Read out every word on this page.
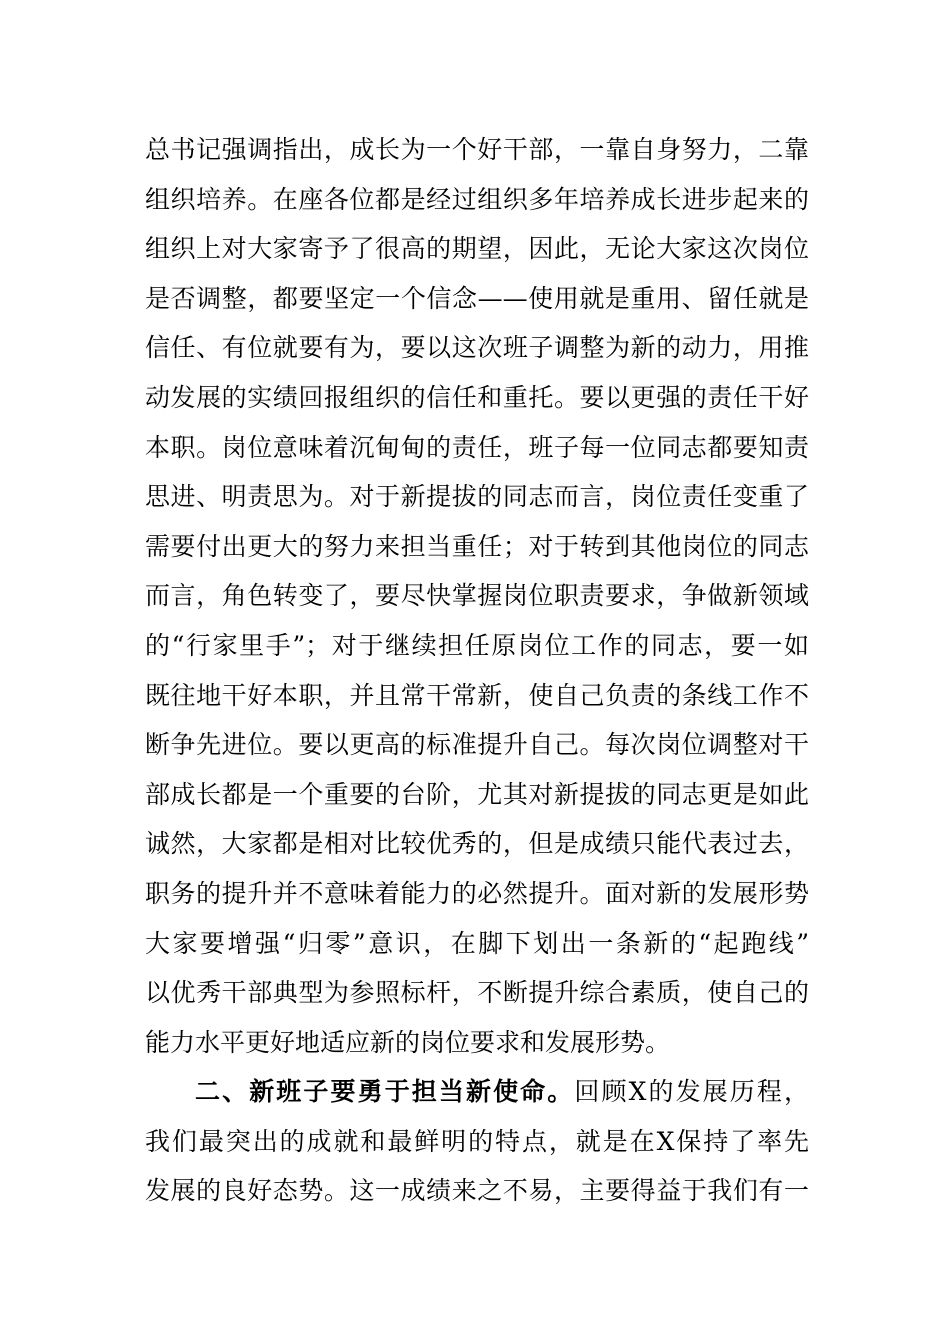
总书记强调指出，成长为一个好干部，一靠自身努力，二靠
组织培养。在座各位都是经过组织多年培养成长进步起来的
组织上对大家寄予了很高的期望，因此，无论大家这次岗位
是否调整，都要坚定一个信念——使用就是重用、留任就是
信任、有位就要有为，要以这次班子调整为新的动力，用推
动发展的实绩回报组织的信任和重托。要以更强的责任干好
本职。岗位意味着沉甸甸的责任，班子每一位同志都要知责
思进、明责思为。对于新提拔的同志而言，岗位责任变重了
需要付出更大的努力来担当重任；对于转到其他岗位的同志
而言，角色转变了，要尽快掌握岗位职责要求，争做新领域
的“行家里手”；对于继续担任原岗位工作的同志，要一如
既往地干好本职，并且常干常新，使自己负责的条线工作不
断争先进位。要以更高的标准提升自己。每次岗位调整对干
部成长都是一个重要的台阶，尤其对新提拔的同志更是如此
诚然，大家都是相对比较优秀的，但是成绩只能代表过去，
职务的提升并不意味着能力的必然提升。面对新的发展形势
大家要增强“归零”意识，在脚下划出一条新的“起跑线”
以优秀干部典型为参照标杆，不断提升综合素质，使自己的
能力水平更好地适应新的岗位要求和发展形势。
二、新班子要勇于担当新使命。回顾X的发展历程，
我们最突出的成就和最鲜明的特点，就是在X保持了率先
发展的良好态势。这一成绩来之不易，主要得益于我们有一
